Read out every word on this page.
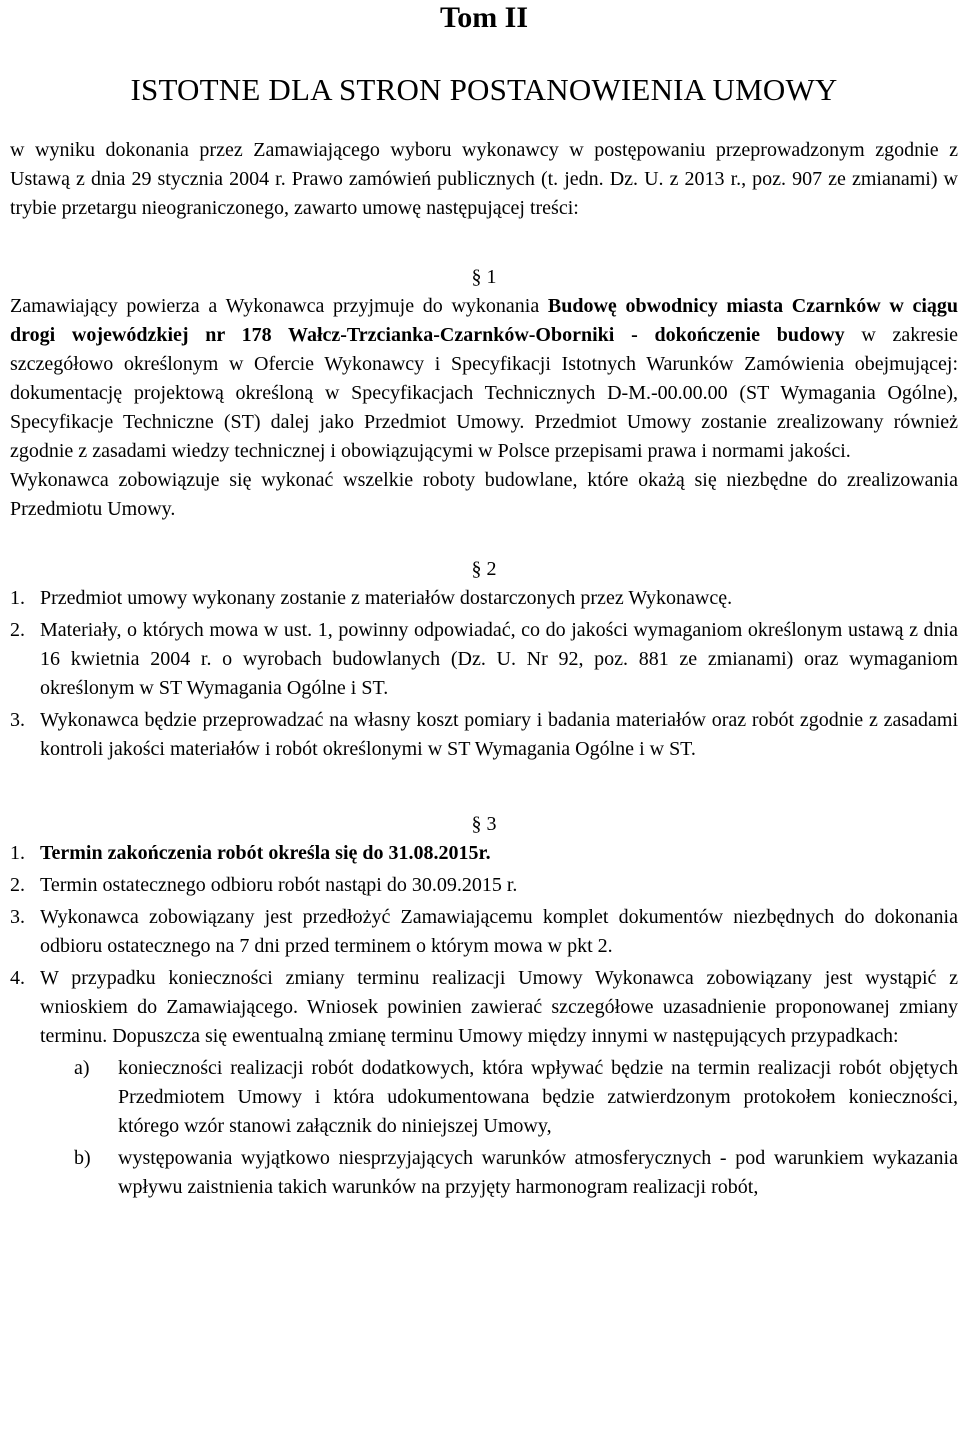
Tom II
ISTOTNE DLA STRON POSTANOWIENIA UMOWY

w wyniku dokonania przez Zamawiającego wyboru wykonawcy w postępowaniu przeprowadzonym zgodnie z Ustawą z dnia 29 stycznia 2004 r. Prawo zamówień publicznych (t. jedn. Dz. U. z 2013 r., poz. 907 ze zmianami) w trybie przetargu nieograniczonego, zawarto umowę następującej treści:

§ 1

Zamawiający powierza a Wykonawca przyjmuje do wykonania Budowę obwodnicy miasta Czarnków w ciągu drogi wojewódzkiej nr 178 Wałcz-Trzcianka-Czarnków-Oborniki - dokończenie budowy w zakresie szczegółowo określonym w Ofercie Wykonawcy i Specyfikacji Istotnych Warunków Zamówienia obejmującej: dokumentację projektową określoną w Specyfikacjach Technicznych D-M.-00.00.00 (ST Wymagania Ogólne), Specyfikacje Techniczne (ST) dalej jako Przedmiot Umowy. Przedmiot Umowy zostanie zrealizowany również zgodnie z zasadami wiedzy technicznej i obowiązującymi w Polsce przepisami prawa i normami jakości.

Wykonawca zobowiązuje się wykonać wszelkie roboty budowlane, które okażą się niezbędne do zrealizowania Przedmiotu Umowy.

§ 2
1. Przedmiot umowy wykonany zostanie z materiałów dostarczonych przez Wykonawcę.
2. Materiały, o których mowa w ust. 1, powinny odpowiadać, co do jakości wymaganiom określonym ustawą z dnia 16 kwietnia 2004 r. o wyrobach budowlanych (Dz. U. Nr 92, poz. 881 ze zmianami) oraz wymaganiom określonym w ST Wymagania Ogólne i ST.
3. Wykonawca będzie przeprowadzać na własny koszt pomiary i badania materiałów oraz robót zgodnie z zasadami kontroli jakości materiałów i robót określonymi w ST Wymagania Ogólne i w ST.
§ 3
1. Termin zakończenia robót określa się do 31.08.2015r.
2. Termin ostatecznego odbioru robót nastąpi do 30.09.2015 r.
3. Wykonawca zobowiązany jest przedłożyć Zamawiającemu komplet dokumentów niezbędnych do dokonania odbioru ostatecznego na 7 dni przed terminem o którym mowa w pkt 2.
4. W przypadku konieczności zmiany terminu realizacji Umowy Wykonawca zobowiązany jest wystąpić z wnioskiem do Zamawiającego. Wniosek powinien zawierać szczegółowe uzasadnienie proponowanej zmiany terminu. Dopuszcza się ewentualną zmianę terminu Umowy między innymi w następujących przypadkach:
a) konieczności realizacji robót dodatkowych, która wpływać będzie na termin realizacji robót objętych Przedmiotem Umowy i która udokumentowana będzie zatwierdzonym protokołem konieczności, którego wzór stanowi załącznik do niniejszej Umowy,
b) występowania wyjątkowo niesprzyjających warunków atmosferycznych - pod warunkiem wykazania wpływu zaistnienia takich warunków na przyjęty harmonogram realizacji robót,
